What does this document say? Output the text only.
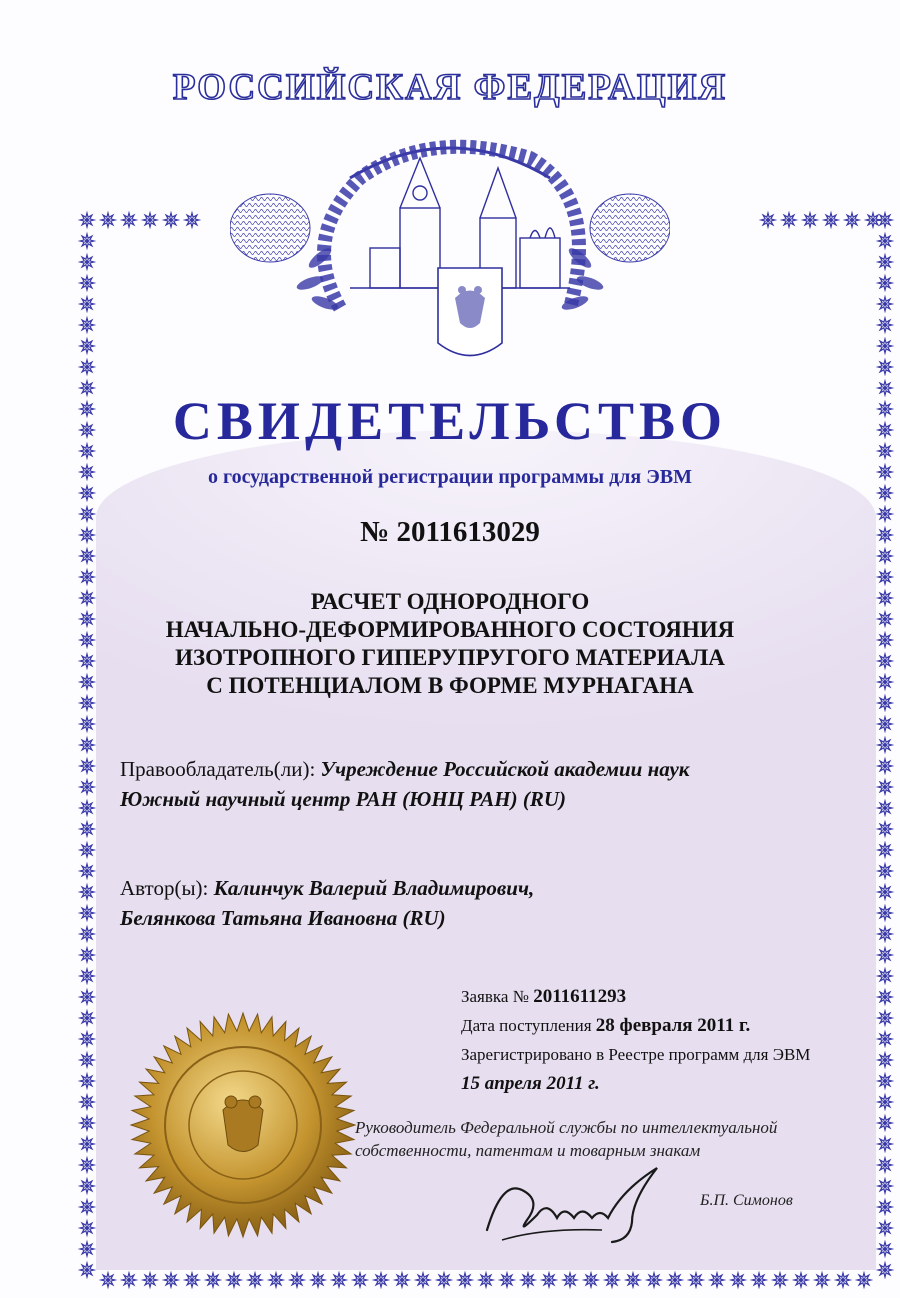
РОССИЙСКАЯ ФЕДЕРАЦИЯ
СВИДЕТЕЛЬСТВО
о государственной регистрации программы для ЭВМ
№ 2011613029
РАСЧЕТ ОДНОРОДНОГО
НАЧАЛЬНО-ДЕФОРМИРОВАННОГО СОСТОЯНИЯ
ИЗОТРОПНОГО ГИПЕРУПРУГОГО МАТЕРИАЛА
С ПОТЕНЦИАЛОМ В ФОРМЕ МУРНАГАНА
Правообладатель(ли): Учреждение Российской академии наук
Южный научный центр РАН (ЮНЦ РАН) (RU)
Автор(ы): Калинчук Валерий Владимирович,
Белянкова Татьяна Ивановна (RU)
Заявка № 2011611293
Дата поступления 28 февраля 2011 г.
Зарегистрировано в Реестре программ для ЭВМ
15 апреля 2011 г.
Руководитель Федеральной службы по интеллектуальной
собственности, патентам и товарным знакам
Б.П. Симонов
